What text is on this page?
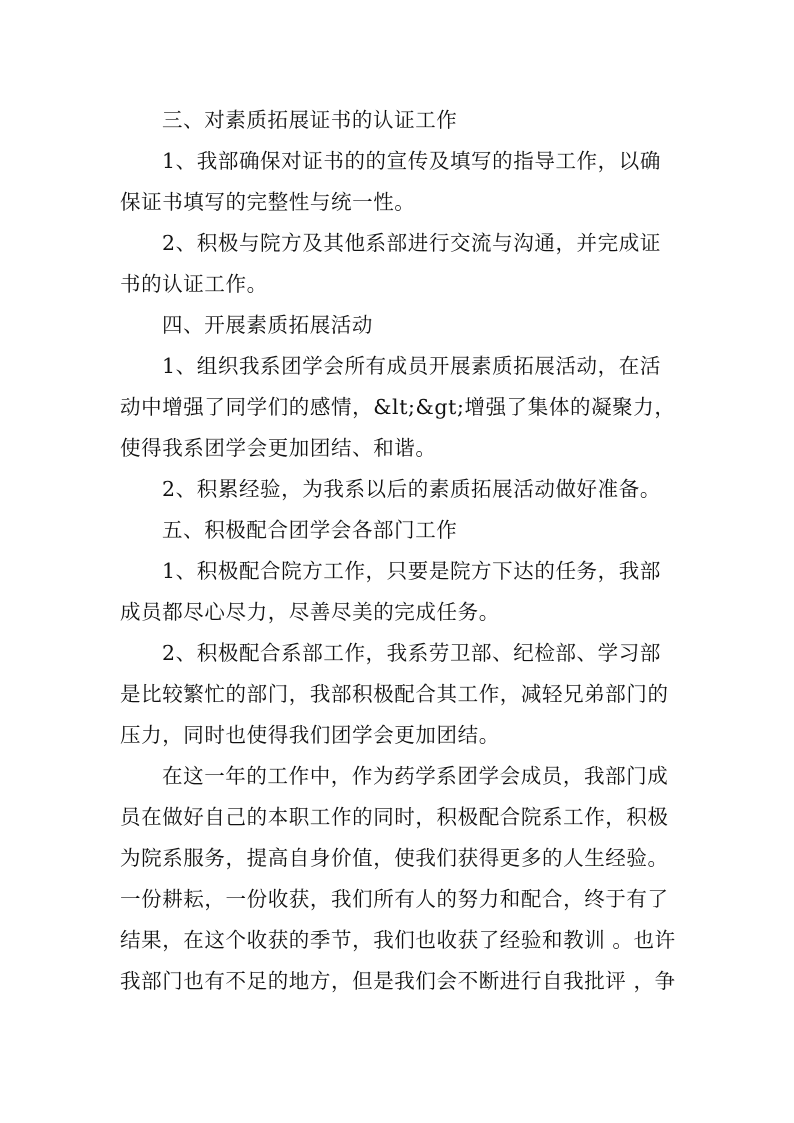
三、对素质拓展证书的认证工作
1、我部确保对证书的的宣传及填写的指导工作，以确
保证书填写的完整性与统一性。
2、积极与院方及其他系部进行交流与沟通，并完成证
书的认证工作。
四、开展素质拓展活动
1、组织我系团学会所有成员开展素质拓展活动，在活
动中增强了同学们的感情，&lt;&gt;增强了集体的凝聚力，
使得我系团学会更加团结、和谐。
2、积累经验，为我系以后的素质拓展活动做好准备。
五、积极配合团学会各部门工作
1、积极配合院方工作，只要是院方下达的任务，我部
成员都尽心尽力，尽善尽美的完成任务。
2、积极配合系部工作，我系劳卫部、纪检部、学习部
是比较繁忙的部门，我部积极配合其工作，减轻兄弟部门的
压力，同时也使得我们团学会更加团结。
在这一年的工作中，作为药学系团学会成员，我部门成
员在做好自己的本职工作的同时，积极配合院系工作，积极
为院系服务，提高自身价值，使我们获得更多的人生经验。
一份耕耘，一份收获，我们所有人的努力和配合，终于有了
结果，在这个收获的季节，我们也收获了经验和教训 。也许
我部门也有不足的地方，但是我们会不断进行自我批评 ，争
